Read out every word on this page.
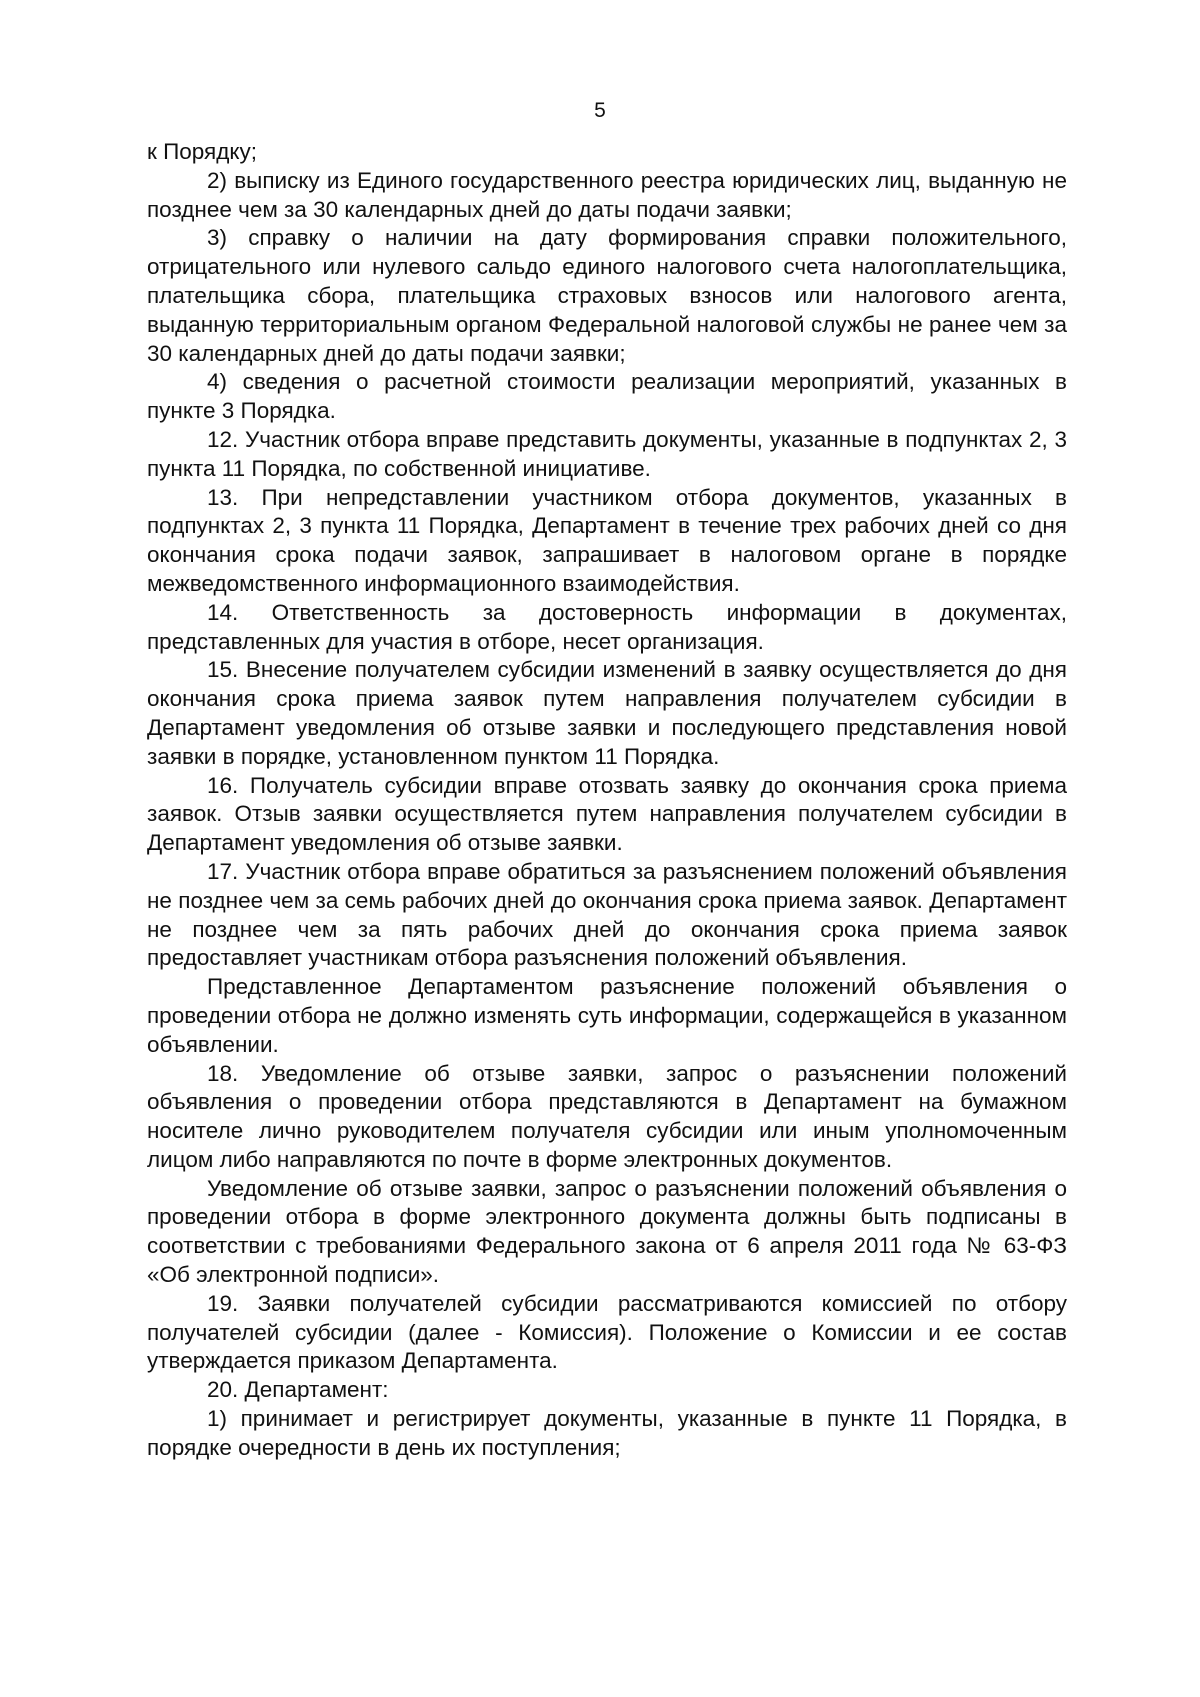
5

к Порядку;

2) выписку из Единого государственного реестра юридических лиц, выданную не позднее чем за 30 календарных дней до даты подачи заявки;

3) справку о наличии на дату формирования справки положительного, отрицательного или нулевого сальдо единого налогового счета налогоплательщика, плательщика сбора, плательщика страховых взносов или налогового агента, выданную территориальным органом Федеральной налоговой службы не ранее чем за 30 календарных дней до даты подачи заявки;

4) сведения о расчетной стоимости реализации мероприятий, указанных в пункте 3 Порядка.

12. Участник отбора вправе представить документы, указанные в подпунктах 2, 3 пункта 11 Порядка, по собственной инициативе.

13. При непредставлении участником отбора документов, указанных в подпунктах 2, 3 пункта 11 Порядка, Департамент в течение трех рабочих дней со дня окончания срока подачи заявок, запрашивает в налоговом органе в порядке межведомственного информационного взаимодействия.

14. Ответственность за достоверность информации в документах, представленных для участия в отборе, несет организация.

15. Внесение получателем субсидии изменений в заявку осуществляется до дня окончания срока приема заявок путем направления получателем субсидии в Департамент уведомления об отзыве заявки и последующего представления новой заявки в порядке, установленном пунктом 11 Порядка.

16. Получатель субсидии вправе отозвать заявку до окончания срока приема заявок. Отзыв заявки осуществляется путем направления получателем субсидии в Департамент уведомления об отзыве заявки.

17. Участник отбора вправе обратиться за разъяснением положений объявления не позднее чем за семь рабочих дней до окончания срока приема заявок. Департамент не позднее чем за пять рабочих дней до окончания срока приема заявок предоставляет участникам отбора разъяснения положений объявления.

Представленное Департаментом разъяснение положений объявления о проведении отбора не должно изменять суть информации, содержащейся в указанном объявлении.

18. Уведомление об отзыве заявки, запрос о разъяснении положений объявления о проведении отбора представляются в Департамент на бумажном носителе лично руководителем получателя субсидии или иным уполномоченным лицом либо направляются по почте в форме электронных документов.

Уведомление об отзыве заявки, запрос о разъяснении положений объявления о проведении отбора в форме электронного документа должны быть подписаны в соответствии с требованиями Федерального закона от 6 апреля 2011 года № 63-ФЗ «Об электронной подписи».

19. Заявки получателей субсидии рассматриваются комиссией по отбору получателей субсидии (далее - Комиссия). Положение о Комиссии и ее состав утверждается приказом Департамента.

20. Департамент:

1) принимает и регистрирует документы, указанные в пункте 11 Порядка, в порядке очередности в день их поступления;
